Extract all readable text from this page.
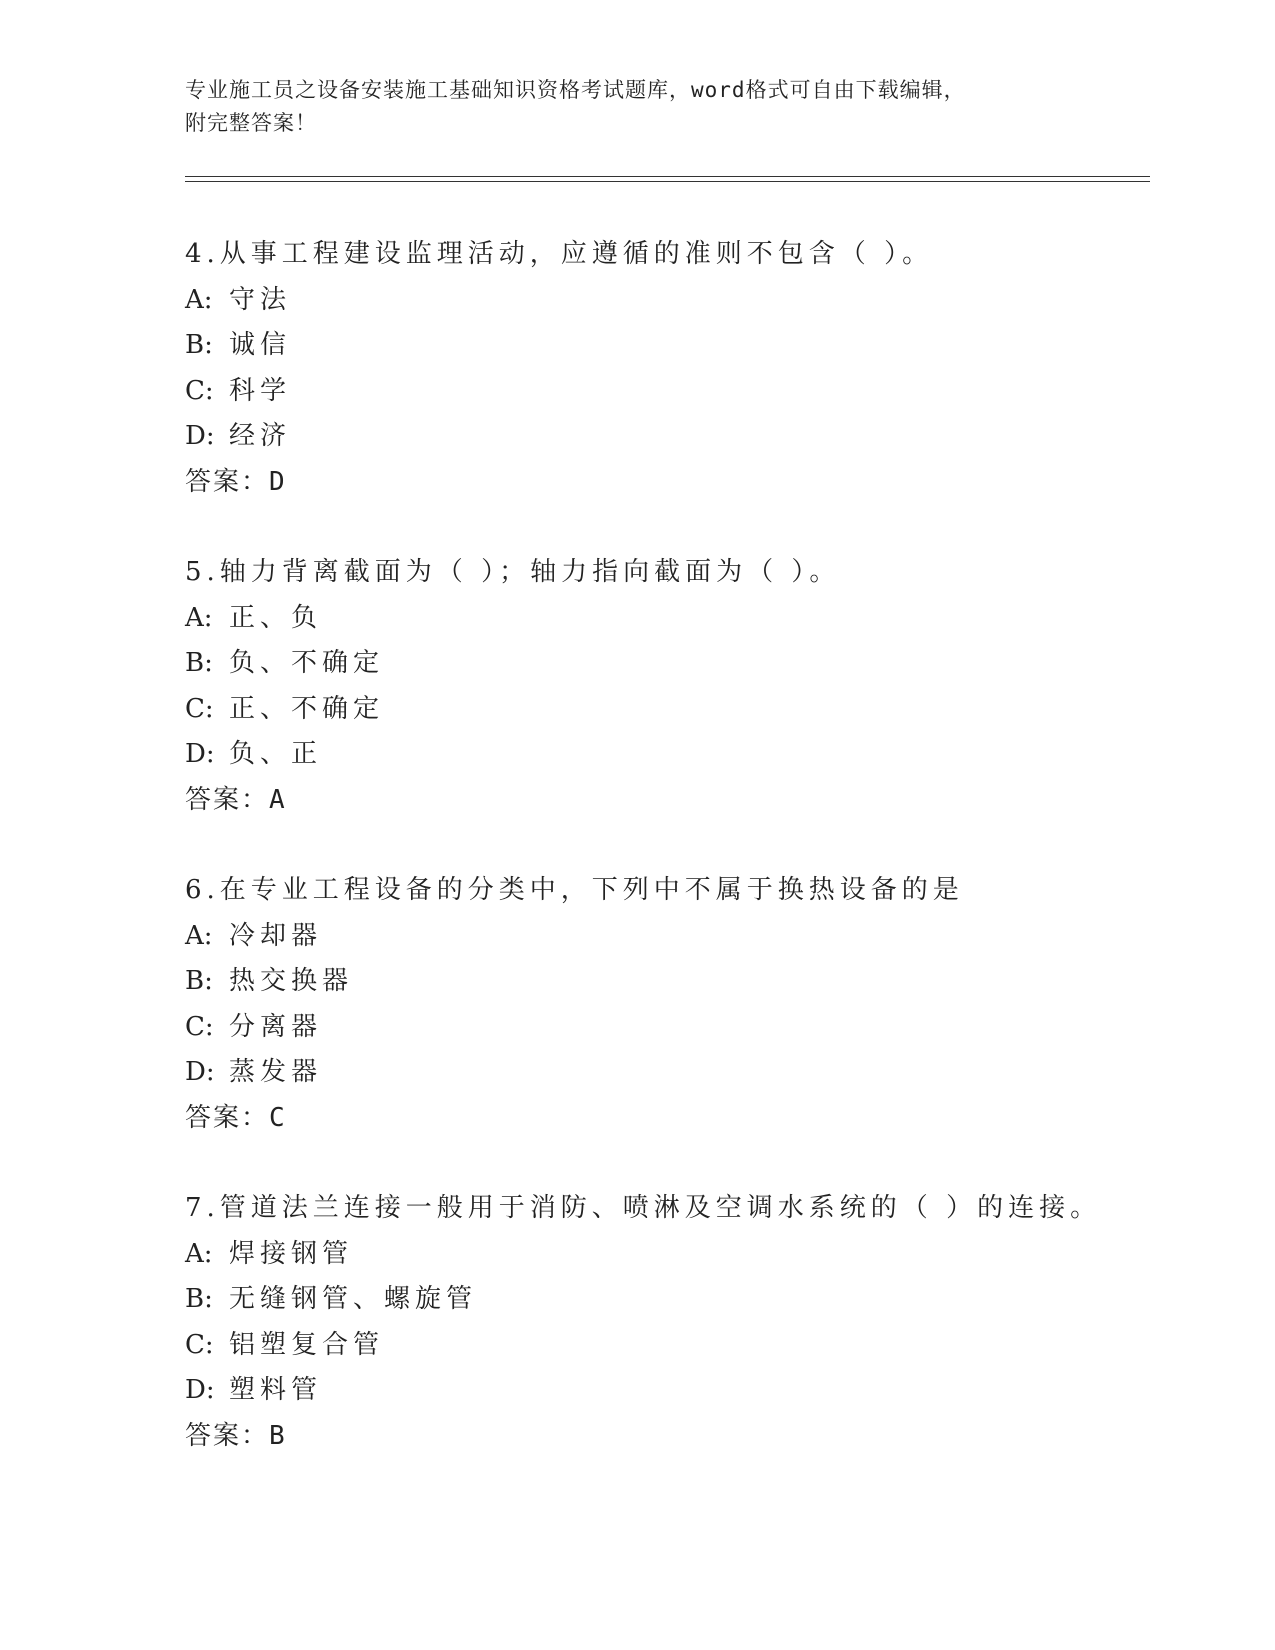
专业施工员之设备安装施工基础知识资格考试题库，word格式可自由下载编辑，
附完整答案！
4.从事工程建设监理活动，应遵循的准则不包含（ ）。
A: 守法
B: 诚信
C: 科学
D: 经济
答案：D
5.轴力背离截面为（ ）；轴力指向截面为（ ）。
A: 正、负
B: 负、不确定
C: 正、不确定
D: 负、正
答案：A
6.在专业工程设备的分类中，下列中不属于换热设备的是
A: 冷却器
B: 热交换器
C: 分离器
D: 蒸发器
答案：C
7.管道法兰连接一般用于消防、喷淋及空调水系统的（ ）的连接。
A: 焊接钢管
B: 无缝钢管、螺旋管
C: 铝塑复合管
D: 塑料管
答案：B
